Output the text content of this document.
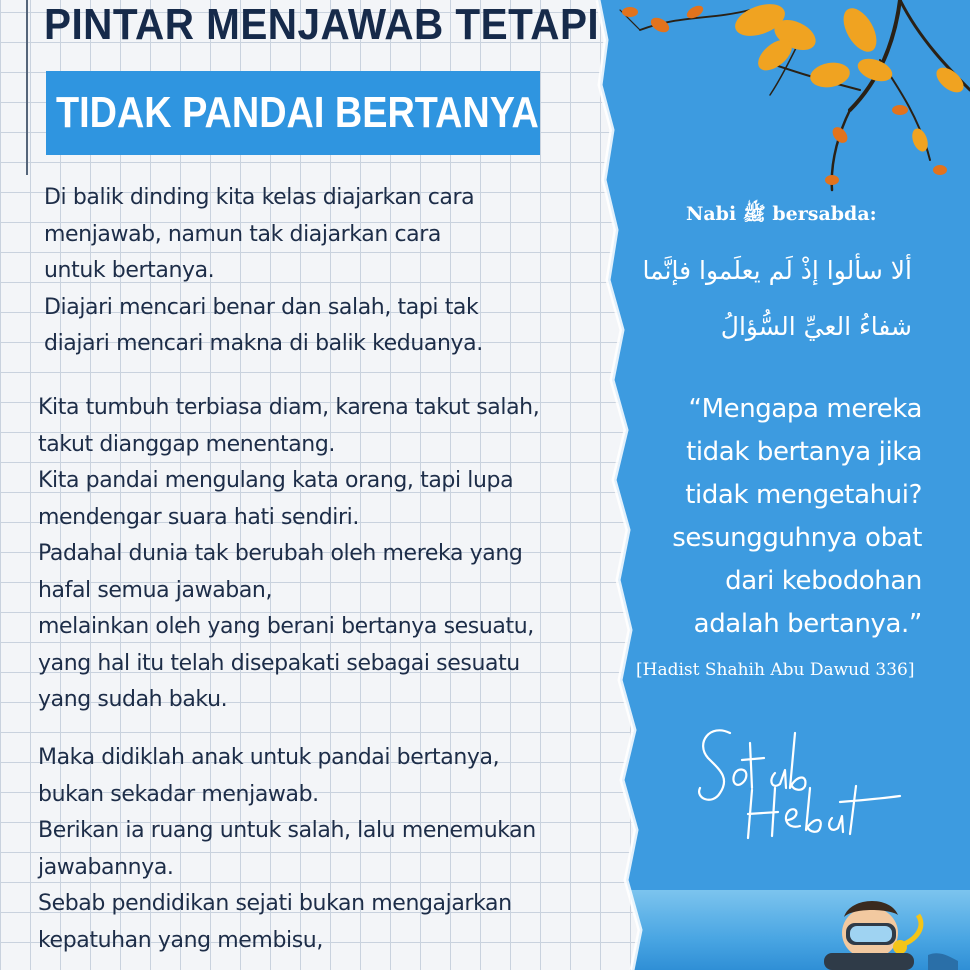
PINTAR MENJAWAB TETAPI
TIDAK PANDAI BERTANYA
Di balik dinding kita kelas diajarkan cara
menjawab, namun tak diajarkan cara
untuk bertanya.
Diajari mencari benar dan salah, tapi tak
diajari mencari makna di balik keduanya.
Kita tumbuh terbiasa diam, karena takut salah,
takut dianggap menentang.
Kita pandai mengulang kata orang, tapi lupa
mendengar suara hati sendiri.
Padahal dunia tak berubah oleh mereka yang
hafal semua jawaban,
melainkan oleh yang berani bertanya sesuatu,
yang hal itu telah disepakati sebagai sesuatu
yang sudah baku.
Maka didiklah anak untuk pandai bertanya,
bukan sekadar menjawab.
Berikan ia ruang untuk salah, lalu menemukan
jawabannya.
Sebab pendidikan sejati bukan mengajarkan
kepatuhan yang membisu,
Nabi ﷺ bersabda:
ألا سألوا إذْ لَم يعلَموا فإنَّما
شفاءُ العيِّ السُّؤالُ
“Mengapa mereka
tidak bertanya jika
tidak mengetahui?
sesungguhnya obat
dari kebodohan
adalah bertanya.”
[Hadist Shahih Abu Dawud 336]
